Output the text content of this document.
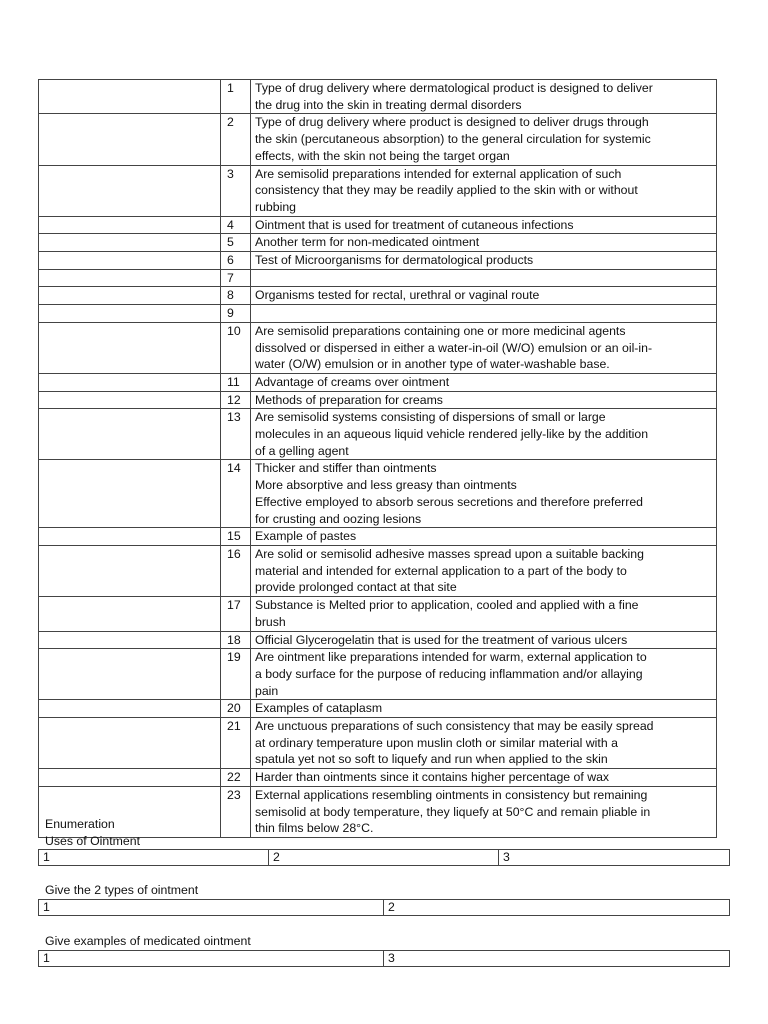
	1	Type of drug delivery where dermatological product is designed to deliver
the drug into the skin in treating dermal disorders

	2	Type of drug delivery where product is designed to deliver drugs through
the skin (percutaneous absorption) to the general circulation for systemic
effects, with the skin not being the target organ

	3	Are semisolid preparations intended for external application of such
consistency that they may be readily applied to the skin with or without
rubbing

	4	Ointment that is used for treatment of cutaneous infections

	5	Another term for non-medicated ointment

	6	Test of Microorganisms for dermatological products

	7	
	8	Organisms tested for rectal, urethral or vaginal route

	9	
	10	Are semisolid preparations containing one or more medicinal agents
dissolved or dispersed in either a water-in-oil (W/O) emulsion or an oil-in-
water (O/W) emulsion or in another type of water-washable base.

	11	Advantage of creams over ointment

	12	Methods of preparation for creams

	13	Are semisolid systems consisting of dispersions of small or large
molecules in an aqueous liquid vehicle rendered jelly-like by the addition
of a gelling agent

	14	Thicker and stiffer than ointments
More absorptive and less greasy than ointments
Effective employed to absorb serous secretions and therefore preferred
for crusting and oozing lesions

	15	Example of pastes

	16	Are solid or semisolid adhesive masses spread upon a suitable backing
material and intended for external application to a part of the body to
provide prolonged contact at that site

	17	Substance is Melted prior to application, cooled and applied with a fine
brush

	18	Official Glycerogelatin that is used for the treatment of various ulcers

	19	Are ointment like preparations intended for warm, external application to
a body surface for the purpose of reducing inflammation and/or allaying
pain

	20	Examples of cataplasm

	21	Are unctuous preparations of such consistency that may be easily spread
at ordinary temperature upon muslin cloth or similar material with a
spatula yet not so soft to liquefy and run when applied to the skin

	22	Harder than ointments since it contains higher percentage of wax

	23	External applications resembling ointments in consistency but remaining
semisolid at body temperature, they liquefy at 50°C and remain pliable in
thin films below 28°C.
Enumeration
Uses of Ointment
1	2	3
Give the 2 types of ointment
1	2
Give examples of medicated ointment
1	3
